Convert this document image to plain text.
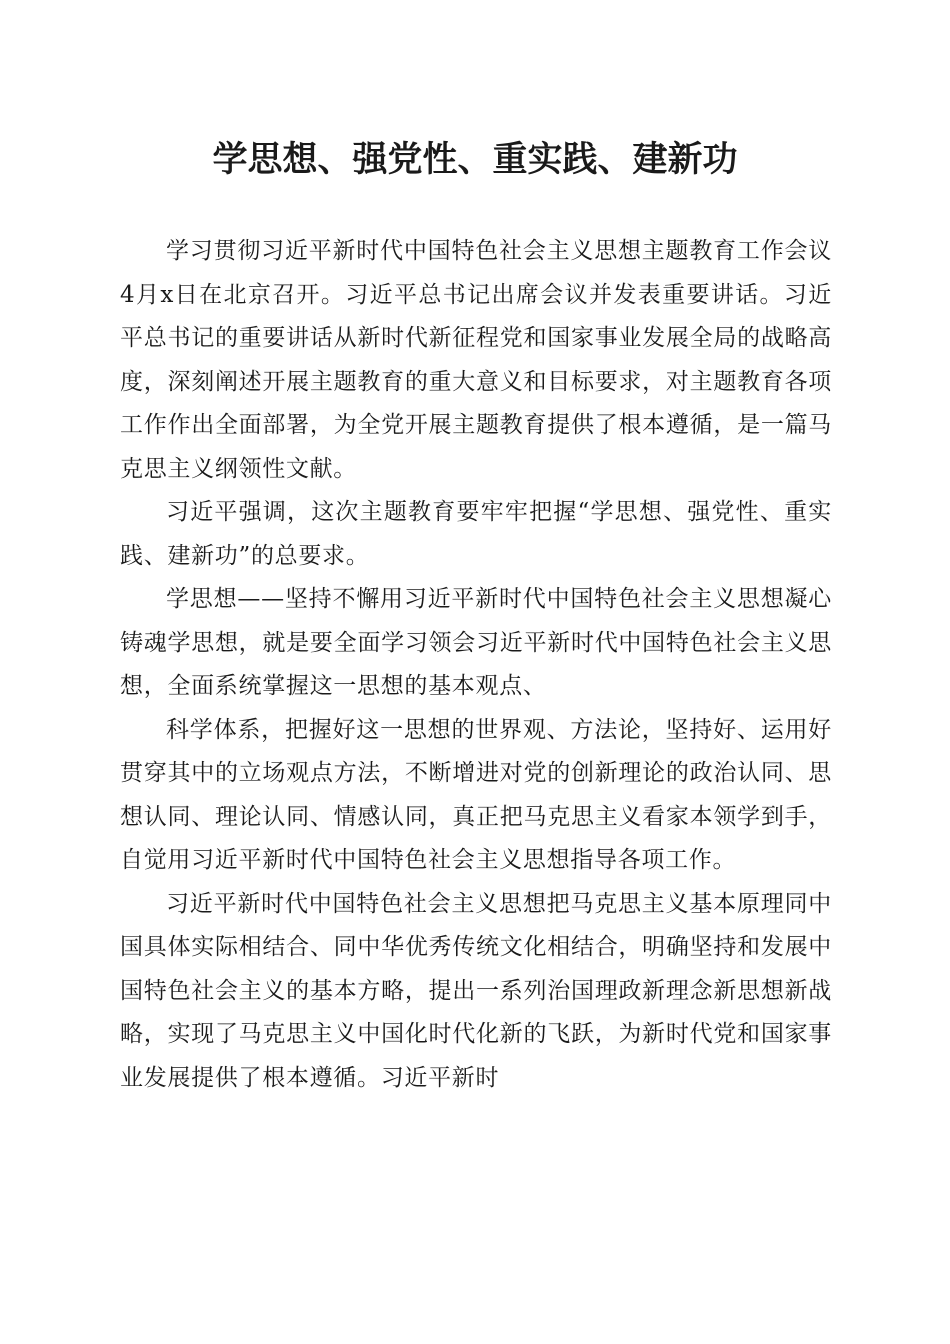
学思想、强党性、重实践、建新功

学习贯彻习近平新时代中国特色社会主义思想主题教育工作会议4月x日在北京召开。习近平总书记出席会议并发表重要讲话。习近平总书记的重要讲话从新时代新征程党和国家事业发展全局的战略高度，深刻阐述开展主题教育的重大意义和目标要求，对主题教育各项工作作出全面部署，为全党开展主题教育提供了根本遵循，是一篇马克思主义纲领性文献。

习近平强调，这次主题教育要牢牢把握“学思想、强党性、重实践、建新功”的总要求。

学思想——坚持不懈用习近平新时代中国特色社会主义思想凝心铸魂学思想，就是要全面学习领会习近平新时代中国特色社会主义思想，全面系统掌握这一思想的基本观点、

科学体系，把握好这一思想的世界观、方法论，坚持好、运用好贯穿其中的立场观点方法，不断增进对党的创新理论的政治认同、思想认同、理论认同、情感认同，真正把马克思主义看家本领学到手，自觉用习近平新时代中国特色社会主义思想指导各项工作。

习近平新时代中国特色社会主义思想把马克思主义基本原理同中国具体实际相结合、同中华优秀传统文化相结合，明确坚持和发展中国特色社会主义的基本方略，提出一系列治国理政新理念新思想新战略，实现了马克思主义中国化时代化新的飞跃，为新时代党和国家事业发展提供了根本遵循。习近平新时
